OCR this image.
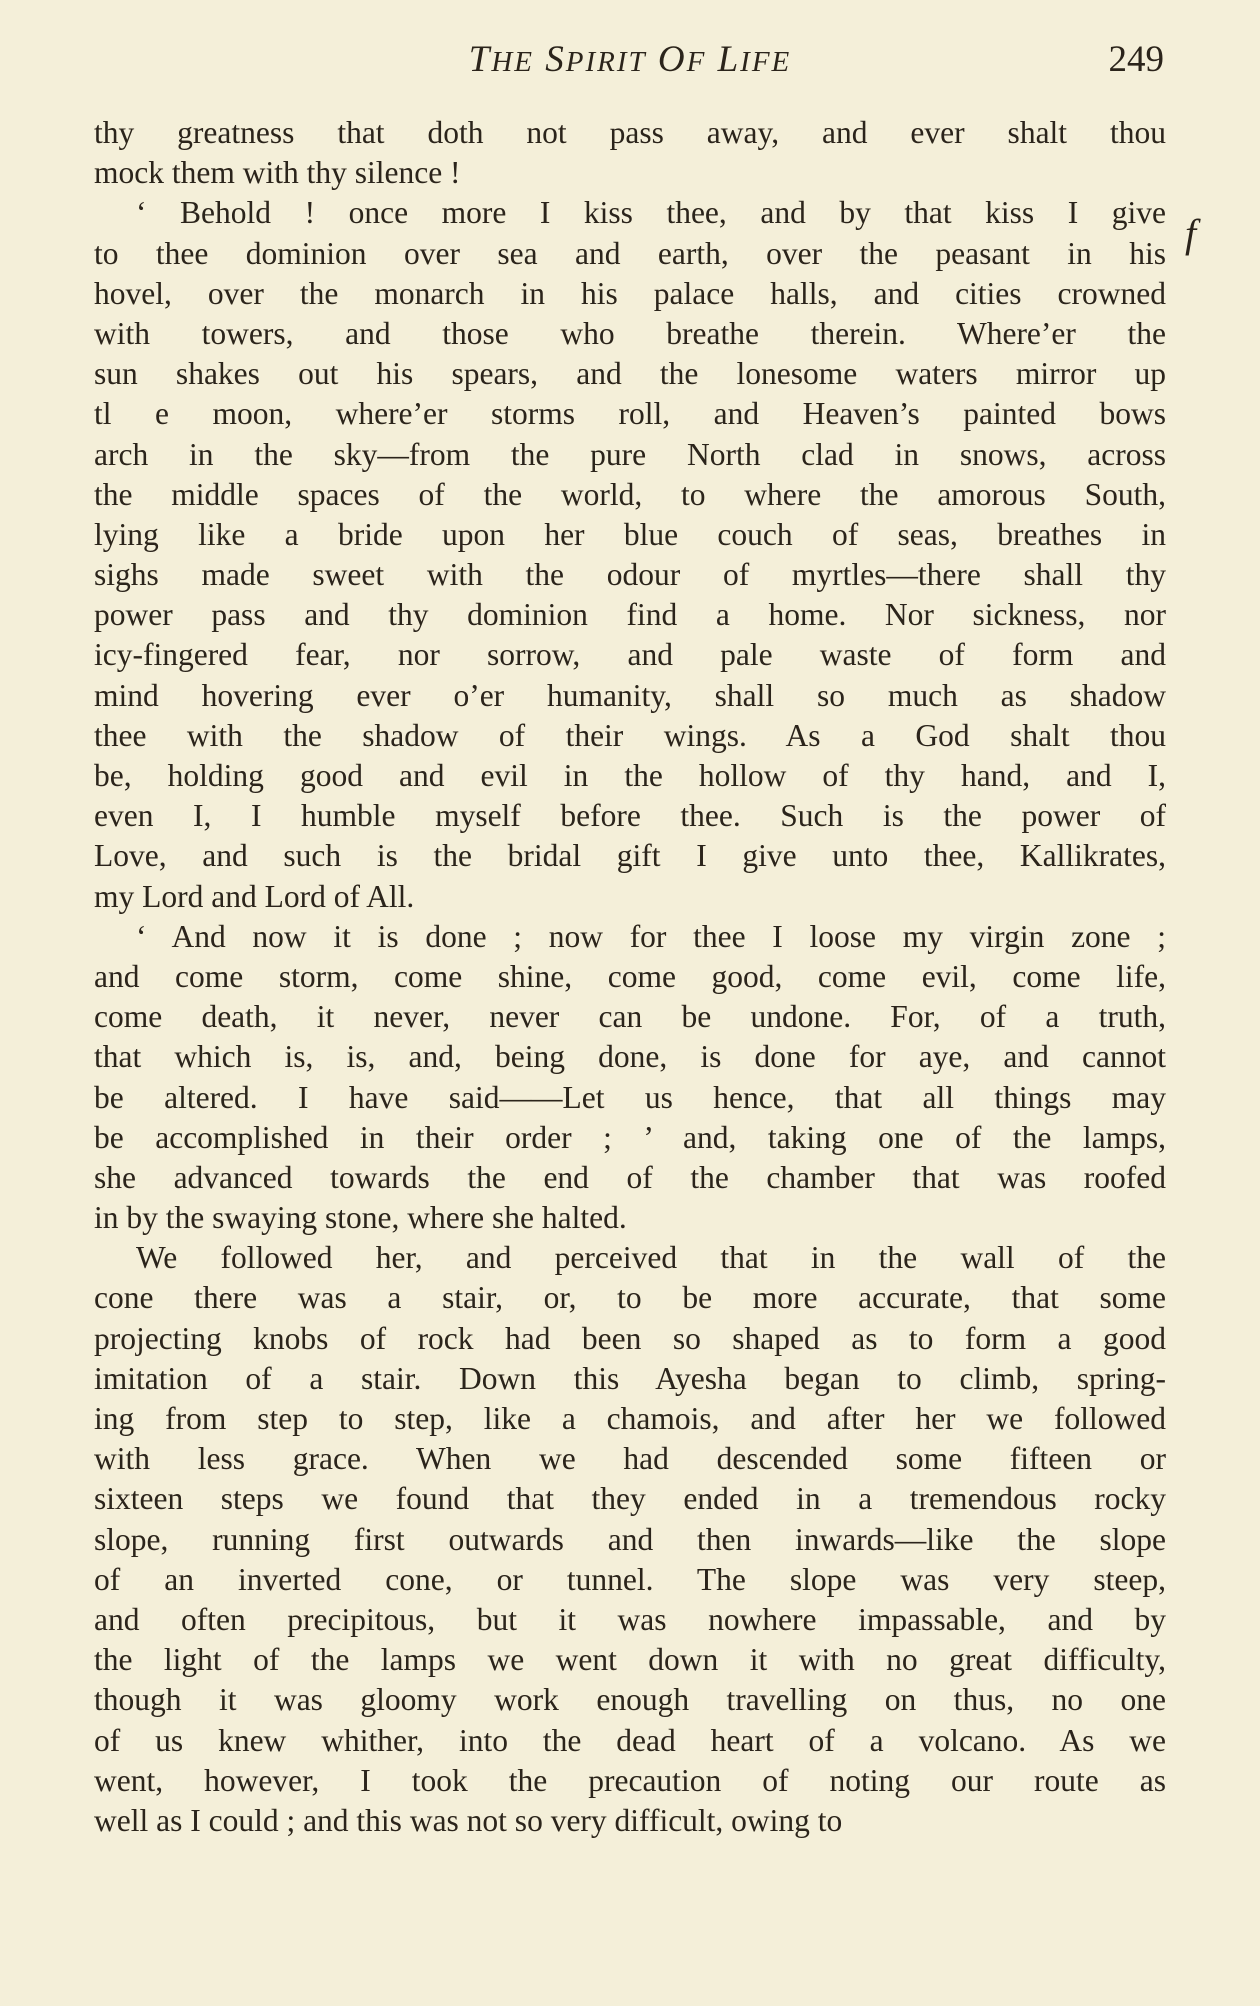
THE SPIRIT OF LIFE	249
f
thy greatness that doth not pass away, and ever shalt thou
mock them with thy silence !
‘ Behold ! once more I kiss thee, and by that kiss I give
to thee dominion over sea and earth, over the peasant in his
hovel, over the monarch in his palace halls, and cities crowned
with towers, and those who breathe therein. Where’er the
sun shakes out his spears, and the lonesome waters mirror up
tl e moon, where’er storms roll, and Heaven’s painted bows
arch in the sky—from the pure North clad in snows, across
the middle spaces of the world, to where the amorous South,
lying like a bride upon her blue couch of seas, breathes in
sighs made sweet with the odour of myrtles—there shall thy
power pass and thy dominion find a home. Nor sickness, nor
icy-fingered fear, nor sorrow, and pale waste of form and
mind hovering ever o’er humanity, shall so much as shadow
thee with the shadow of their wings. As a God shalt thou
be, holding good and evil in the hollow of thy hand, and I,
even I, I humble myself before thee. Such is the power of
Love, and such is the bridal gift I give unto thee, Kallikrates,
my Lord and Lord of All.
‘ And now it is done ; now for thee I loose my virgin zone ;
and come storm, come shine, come good, come evil, come life,
come death, it never, never can be undone. For, of a truth,
that which is, is, and, being done, is done for aye, and cannot
be altered. I have said——Let us hence, that all things may
be accomplished in their order ; ’ and, taking one of the lamps,
she advanced towards the end of the chamber that was roofed
in by the swaying stone, where she halted.
We followed her, and perceived that in the wall of the
cone there was a stair, or, to be more accurate, that some
projecting knobs of rock had been so shaped as to form a good
imitation of a stair. Down this Ayesha began to climb, spring-
ing from step to step, like a chamois, and after her we followed
with less grace. When we had descended some fifteen or
sixteen steps we found that they ended in a tremendous rocky
slope, running first outwards and then inwards—like the slope
of an inverted cone, or tunnel. The slope was very steep,
and often precipitous, but it was nowhere impassable, and by
the light of the lamps we went down it with no great difficulty,
though it was gloomy work enough travelling on thus, no one
of us knew whither, into the dead heart of a volcano. As we
went, however, I took the precaution of noting our route as
well as I could ; and this was not so very difficult, owing to
